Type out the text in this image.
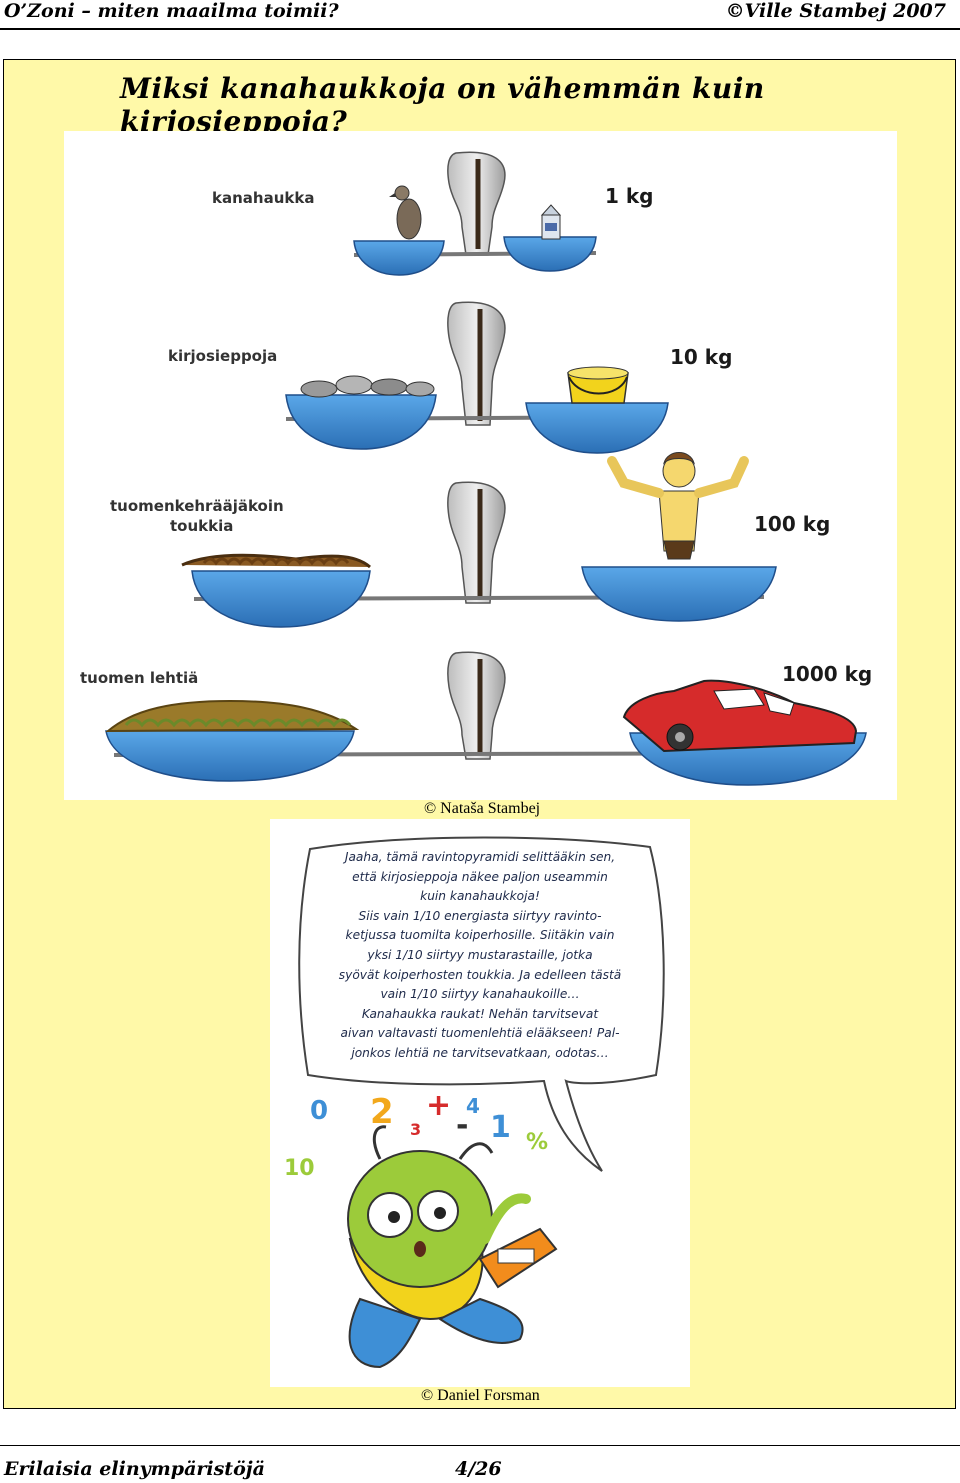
O’Zoni – miten maailma toimii?	©Ville Stambej 2007
Miksi kanahaukkoja on vähemmän kuin kirjosieppoja?
kanahaukka	1 kg
kirjosieppoja	10 kg
tuomenkehrääjäkoin
toukkia	100 kg
tuomen lehtiä	1000 kg
© Nataša Stambej
0 2 3
+
-
4
1 %
10
Jaaha, tämä ravintopyramidi selittääkin sen,
että kirjosieppoja näkee paljon useammin
kuin kanahaukkoja!
Siis vain 1/10 energiasta siirtyy ravinto-
ketjussa tuomilta koiperhosille. Siitäkin vain
yksi 1/10 siirtyy mustarastaille, jotka
syövät koiperhosten toukkia. Ja edelleen tästä
vain 1/10 siirtyy kanahaukoille…
Kanahaukka raukat! Nehän tarvitsevat
aivan valtavasti tuomenlehtiä elääkseen! Pal-
jonkos lehtiä ne tarvitsevatkaan, odotas…
© Daniel Forsman
Erilaisia elinympäristöjä	4/26
